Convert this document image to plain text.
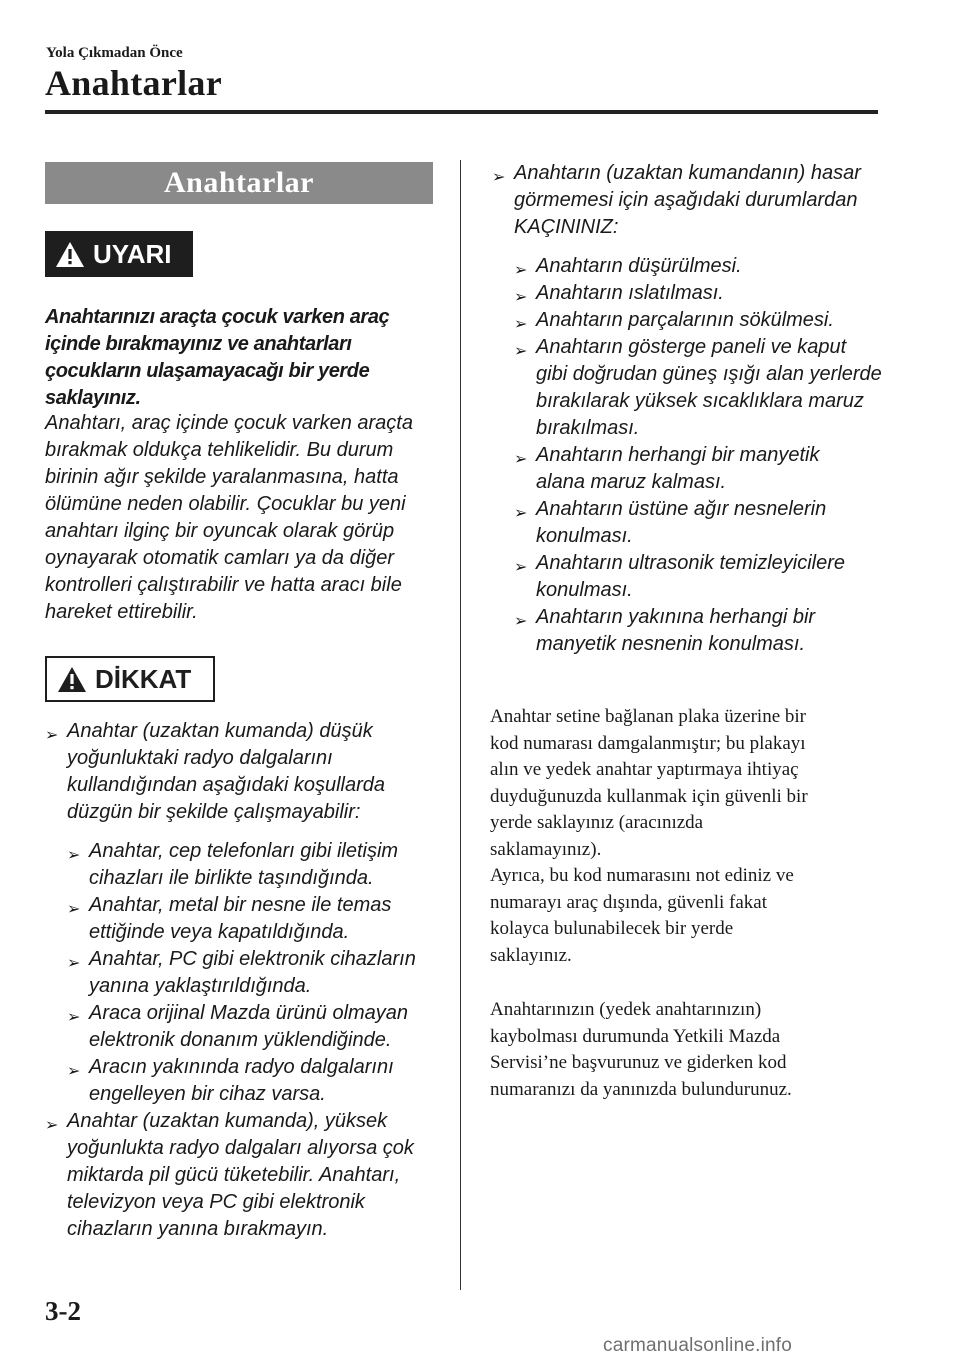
Yola Çıkmadan Önce
Anahtarlar
Anahtarlar
UYARI
Anahtarınızı araçta çocuk varken araç
içinde bırakmayınız ve anahtarları
çocukların ulaşamayacağı bir yerde
saklayınız.
Anahtarı, araç içinde çocuk varken araçta
bırakmak oldukça tehlikelidir. Bu durum
birinin ağır şekilde yaralanmasına, hatta
ölümüne neden olabilir. Çocuklar bu yeni
anahtarı ilginç bir oyuncak olarak görüp
oynayarak otomatik camları ya da diğer
kontrolleri çalıştırabilir ve hatta aracı bile
hareket ettirebilir.
DİKKAT
➢ Anahtar (uzaktan kumanda) düşük
yoğunluktaki radyo dalgalarını
kullandığından aşağıdaki koşullarda
düzgün bir şekilde çalışmayabilir:
➢ Anahtar, cep telefonları gibi iletişim
cihazları ile birlikte taşındığında.
➢ Anahtar, metal bir nesne ile temas
ettiğinde veya kapatıldığında.
➢ Anahtar, PC gibi elektronik cihazların
yanına yaklaştırıldığında.
➢ Araca orijinal Mazda ürünü olmayan
elektronik donanım yüklendiğinde.
➢ Aracın yakınında radyo dalgalarını
engelleyen bir cihaz varsa.
➢ Anahtar (uzaktan kumanda), yüksek
yoğunlukta radyo dalgaları alıyorsa çok
miktarda pil gücü tüketebilir. Anahtarı,
televizyon veya PC gibi elektronik
cihazların yanına bırakmayın.
➢ Anahtarın (uzaktan kumandanın) hasar
görmemesi için aşağıdaki durumlardan
KAÇININIZ:
➢ Anahtarın düşürülmesi.
➢ Anahtarın ıslatılması.
➢ Anahtarın parçalarının sökülmesi.
➢ Anahtarın gösterge paneli ve kaput
gibi doğrudan güneş ışığı alan yerlerde
bırakılarak yüksek sıcaklıklara maruz
bırakılması.
➢ Anahtarın herhangi bir manyetik
alana maruz kalması.
➢ Anahtarın üstüne ağır nesnelerin
konulması.
➢ Anahtarın ultrasonik temizleyicilere
konulması.
➢ Anahtarın yakınına herhangi bir
manyetik nesnenin konulması.
Anahtar setine bağlanan plaka üzerine bir
kod numarası damgalanmıştır; bu plakayı
alın ve yedek anahtar yaptırmaya ihtiyaç
duyduğunuzda kullanmak için güvenli bir
yerde saklayınız (aracınızda
saklamayınız).
Ayrıca, bu kod numarasını not ediniz ve
numarayı araç dışında, güvenli fakat
kolayca bulunabilecek bir yerde
saklayınız.
Anahtarınızın (yedek anahtarınızın)
kaybolması durumunda Yetkili Mazda
Servisi’ne başvurunuz ve giderken kod
numaranızı da yanınızda bulundurunuz.
3-2
carmanualsonline.info
